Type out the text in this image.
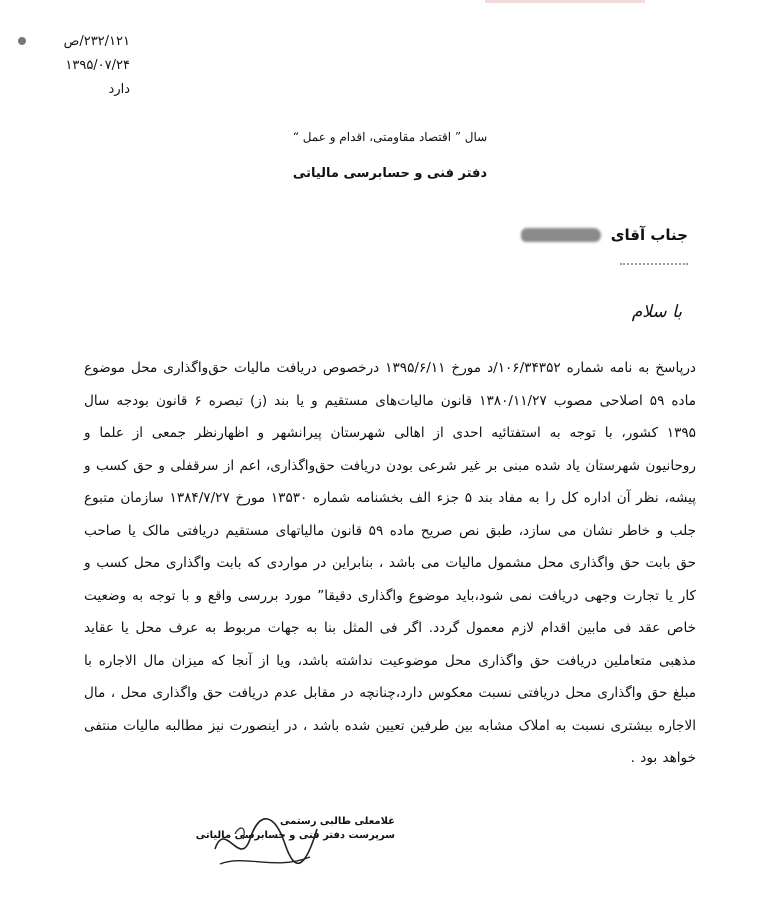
۲۳۲/۱۲۱/ص
۱۳۹۵/۰۷/۲۴
دارد
سال ” اقتصاد مقاومتی، اقدام و عمل “
دفتر فنی و حسابرسی مالیاتی
جناب آقای
با سلام
درپاسخ به نامه شماره ۱۰۶/۳۴۳۵۲/د مورخ ۱۳۹۵/۶/۱۱ درخصوص دریافت مالیات حق‌واگذاری محل موضوع ماده ۵۹ اصلاحی مصوب ۱۳۸۰/۱۱/۲۷ قانون مالیات‌های مستقیم و یا بند (ز) تبصره ۶ قانون بودجه سال ۱۳۹۵ کشور، با توجه به استفتائیه احدی از اهالی شهرستان پیرانشهر و اظهارنظر جمعی از علما و روحانیون شهرستان یاد شده مبنی بر غیر شرعی بودن دریافت حق‌واگذاری، اعم از سرقفلی و حق کسب و پیشه، نظر آن اداره کل را به مفاد بند ۵ جزء الف بخشنامه شماره ۱۳۵۳۰ مورخ ۱۳۸۴/۷/۲۷ سازمان متبوع جلب و خاطر نشان می سازد، طبق نص صریح ماده ۵۹ قانون مالیاتهای مستقیم دریافتی مالک یا صاحب حق بابت حق واگذاری محل مشمول مالیات می باشد ، بنابراین در مواردی که بابت واگذاری محل کسب و کار یا تجارت وجهی دریافت نمی شود،باید موضوع واگذاری دقیقا” مورد بررسی واقع و با توجه به وضعیت خاص عقد فی مابین اقدام لازم معمول گردد. اگر فی المثل بنا به جهات مربوط به عرف محل یا عقاید مذهبی متعاملین دریافت حق واگذاری محل موضوعیت نداشته باشد، ویا از آنجا که میزان مال الاجاره با مبلغ حق واگذاری محل دریافتی نسبت معکوس دارد،چنانچه در مقابل عدم دریافت حق واگذاری محل ، مال الاجاره بیشتری نسبت به املاک مشابه بین طرفین تعیین شده باشد ، در اینصورت نیز مطالبه مالیات منتفی خواهد بود .
غلامعلی طالبی رستمی
سرپرست دفتر فنی و حسابرسی مالیاتی
